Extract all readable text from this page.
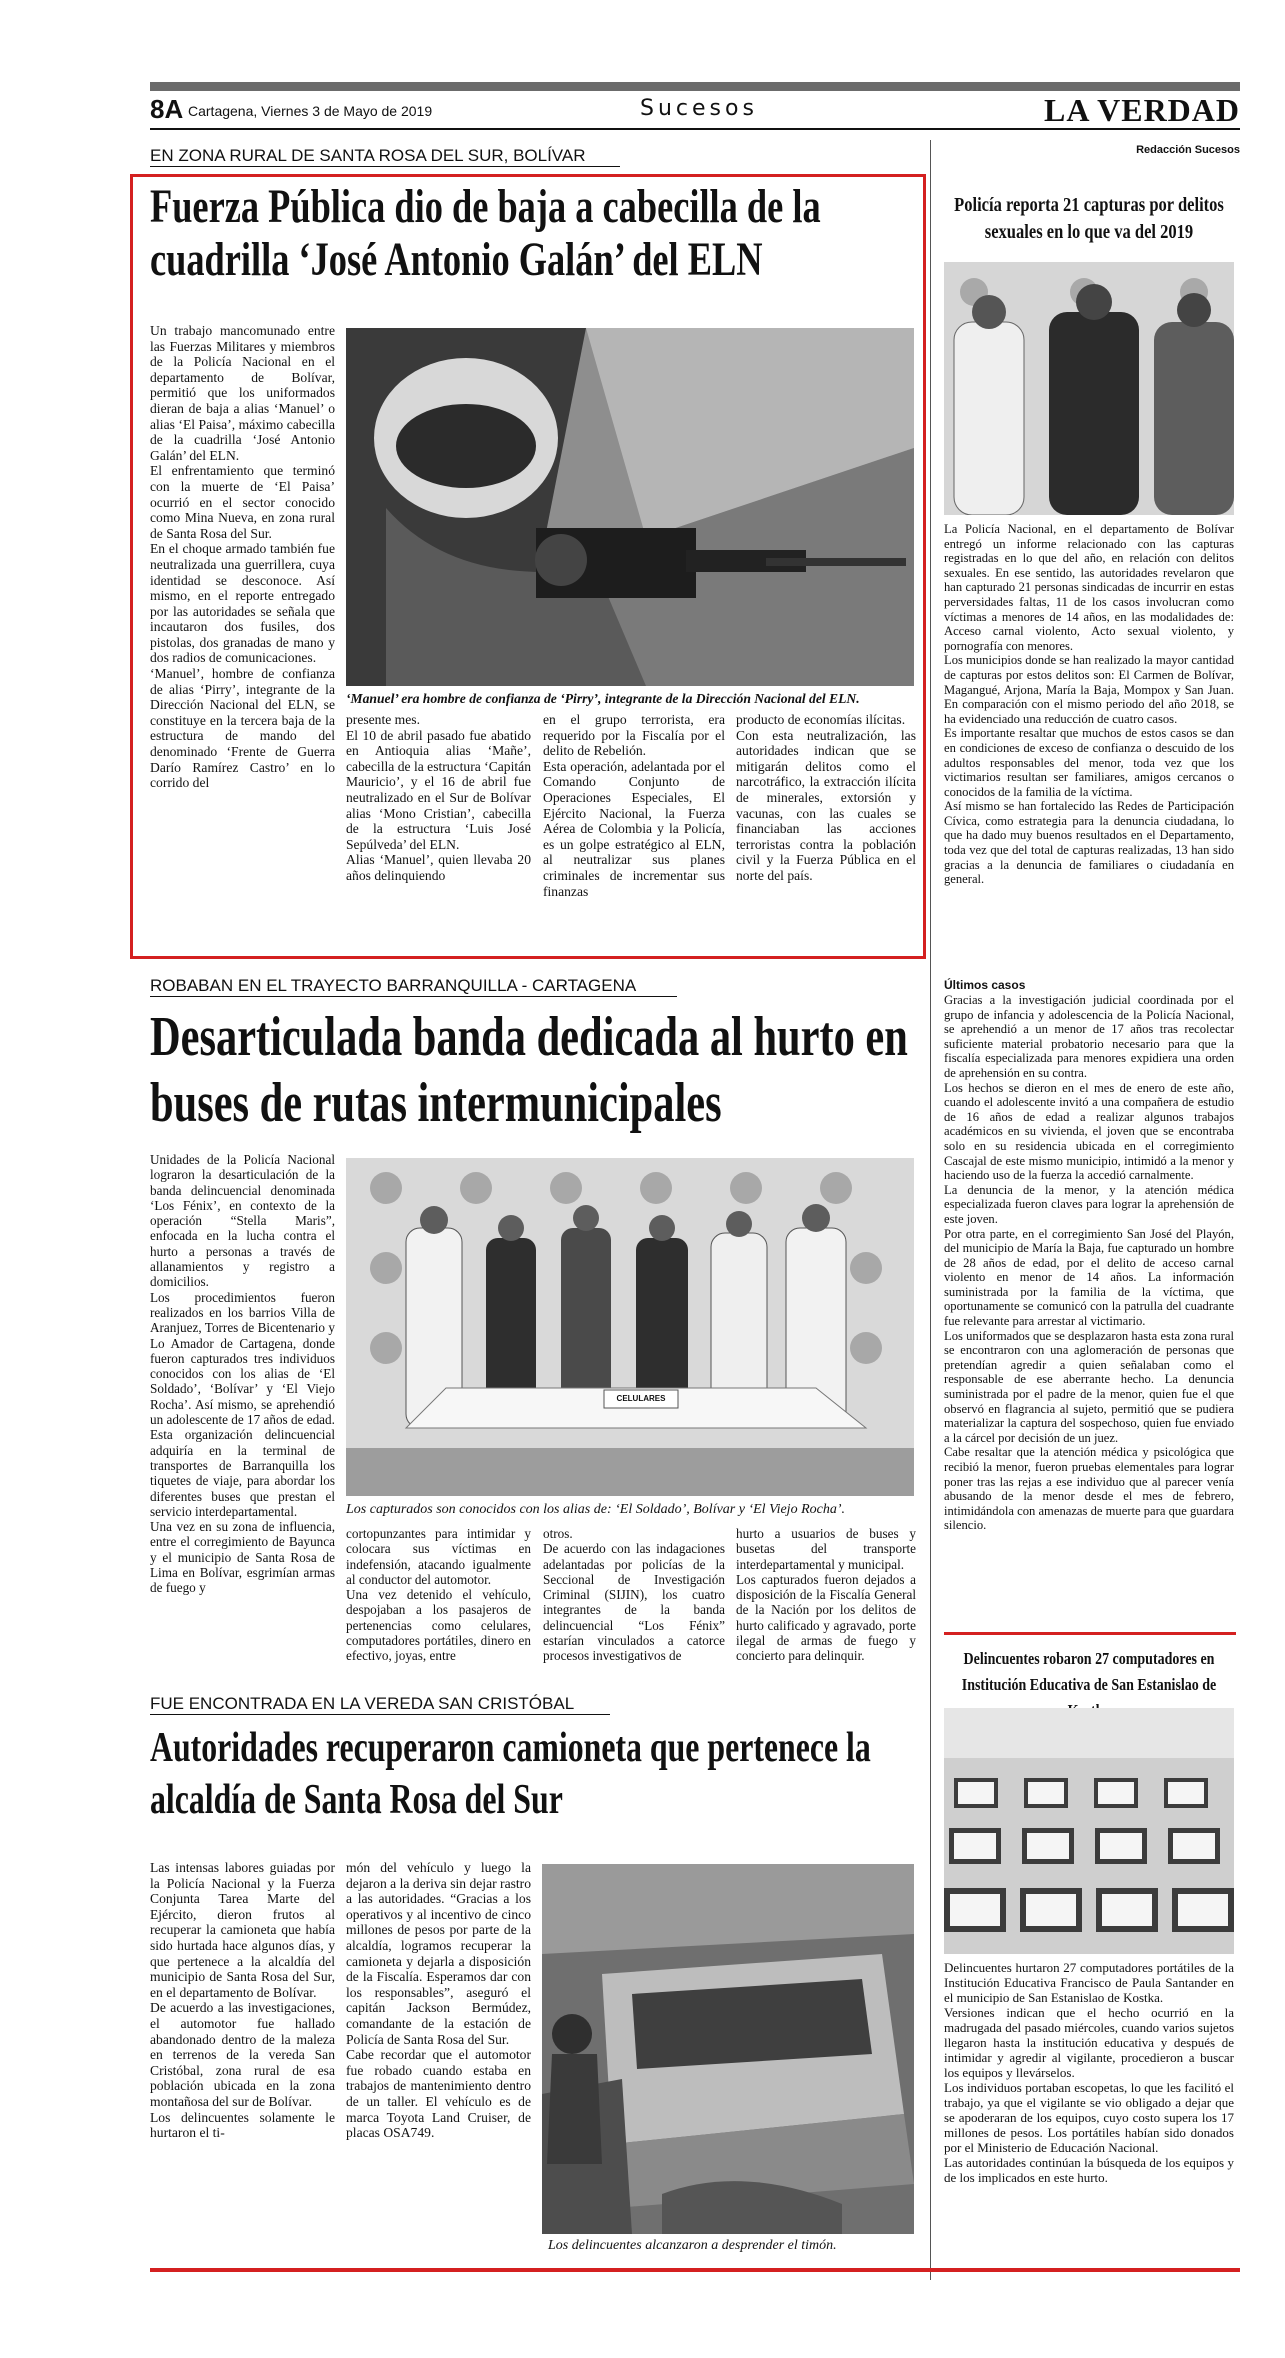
8A Cartagena, Viernes 3 de Mayo de 2019	Sucesos	LA VERDAD
Redacción Sucesos
EN ZONA RURAL DE SANTA ROSA DEL SUR, BOLÍVAR
Fuerza Pública dio de baja a cabecilla de la cuadrilla ‘José Antonio Galán’ del ELN

Un trabajo mancomunado entre las Fuerzas Militares y miembros de la Policía Nacional en el departamento de Bolívar, permitió que los uniformados dieran de baja a alias ‘Manuel’ o alias ‘El Paisa’, máximo cabecilla de la cuadrilla ‘José Antonio Galán’ del ELN.

El enfrentamiento que terminó con la muerte de ‘El Paisa’ ocurrió en el sector conocido como Mina Nueva, en zona rural de Santa Rosa del Sur.

En el choque armado también fue neutralizada una guerrillera, cuya identidad se desconoce. Así mismo, en el reporte entregado por las autoridades se señala que incautaron dos fusiles, dos pistolas, dos granadas de mano y dos radios de comunicaciones.

‘Manuel’, hombre de confianza de alias ‘Pirry’, integrante de la Dirección Nacional del ELN, se constituye en la tercera baja de la estructura de mando del denominado ‘Frente de Guerra Darío Ramírez Castro’ en lo corrido del

‘Manuel’ era hombre de confianza de ‘Pirry’, integrante de la Dirección Nacional del ELN.

presente mes.

El 10 de abril pasado fue abatido en Antioquia alias ‘Mañe’, cabecilla de la estructura ‘Capitán Mauricio’, y el 16 de abril fue neutralizado en el Sur de Bolívar alias ‘Mono Cristian’, cabecilla de la estructura ‘Luis José Sepúlveda’ del ELN.

Alias ‘Manuel’, quien llevaba 20 años delinquiendo

en el grupo terrorista, era requerido por la Fiscalía por el delito de Rebelión.

Esta operación, adelantada por el Comando Conjunto de Operaciones Especiales, El Ejército Nacional, la Fuerza Aérea de Colombia y la Policía, es un golpe estratégico al ELN, al neutralizar sus planes criminales de incrementar sus finanzas

producto de economías ilícitas.

Con esta neutralización, las autoridades indican que se mitigarán delitos como el narcotráfico, la extracción ilícita de minerales, extorsión y vacunas, con las cuales se financiaban las acciones terroristas contra la población civil y la Fuerza Pública en el norte del país.

ROBABAN EN EL TRAYECTO BARRANQUILLA - CARTAGENA
Desarticulada banda dedicada al hurto en buses de rutas intermunicipales

Unidades de la Policía Nacional lograron la desarticulación de la banda delincuencial denominada ‘Los Fénix’, en contexto de la operación “Stella Maris”, enfocada en la lucha contra el hurto a personas a través de allanamientos y registro a domicilios.

Los procedimientos fueron realizados en los barrios Villa de Aranjuez, Torres de Bicentenario y Lo Amador de Cartagena, donde fueron capturados tres individuos conocidos con los alias de ‘El Soldado’, ‘Bolívar’ y ‘El Viejo Rocha’. Así mismo, se aprehendió un adolescente de 17 años de edad.

Esta organización delincuencial adquiría en la terminal de transportes de Barranquilla los tiquetes de viaje, para abordar los diferentes buses que prestan el servicio interdepartamental.

Una vez en su zona de influencia, entre el corregimiento de Bayunca y el municipio de Santa Rosa de Lima en Bolívar, esgrimían armas de fuego y

CELULARES
Los capturados son conocidos con los alias de: ‘El Soldado’, Bolívar y ‘El Viejo Rocha’.

cortopunzantes para intimidar y colocara sus víctimas en indefensión, atacando igualmente al conductor del automotor.

Una vez detenido el vehículo, despojaban a los pasajeros de pertenencias como celulares, computadores portátiles, dinero en efectivo, joyas, entre

otros.

De acuerdo con las indagaciones adelantadas por policías de la Seccional de Investigación Criminal (SIJIN), los cuatro integrantes de la banda delincuencial “Los Fénix” estarían vinculados a catorce procesos investigativos de

hurto a usuarios de buses y busetas del transporte interdepartamental y municipal.

Los capturados fueron dejados a disposición de la Fiscalía General de la Nación por los delitos de hurto calificado y agravado, porte ilegal de armas de fuego y concierto para delinquir.

FUE ENCONTRADA EN LA VEREDA SAN CRISTÓBAL
Autoridades recuperaron camioneta que pertenece la alcaldía de Santa Rosa del Sur

Las intensas labores guiadas por la Policía Nacional y la Fuerza Conjunta Tarea Marte del Ejército, dieron frutos al recuperar la camioneta que había sido hurtada hace algunos días, y que pertenece a la alcaldía del municipio de Santa Rosa del Sur, en el departamento de Bolívar.

De acuerdo a las investigaciones, el automotor fue hallado abandonado dentro de la maleza en terrenos de la vereda San Cristóbal, zona rural de esa población ubicada en la zona montañosa del sur de Bolívar.

Los delincuentes solamente le hurtaron el ti-

món del vehículo y luego la dejaron a la deriva sin dejar rastro a las autoridades. “Gracias a los operativos y al incentivo de cinco millones de pesos por parte de la alcaldía, logramos recuperar la camioneta y dejarla a disposición de la Fiscalía. Esperamos dar con los responsables”, aseguró el capitán Jackson Bermúdez, comandante de la estación de Policía de Santa Rosa del Sur.

Cabe recordar que el automotor fue robado cuando estaba en trabajos de mantenimiento dentro de un taller. El vehículo es de marca Toyota Land Cruiser, de placas OSA749.

Los delincuentes alcanzaron a desprender el timón.
Policía reporta 21 capturas por delitos sexuales en lo que va del 2019

La Policía Nacional, en el departamento de Bolívar entregó un informe relacionado con las capturas registradas en lo que del año, en relación con delitos sexuales. En ese sentido, las autoridades revelaron que han capturado 21 personas sindicadas de incurrir en estas perversidades faltas, 11 de los casos involucran como víctimas a menores de 14 años, en las modalidades de: Acceso carnal violento, Acto sexual violento, y pornografía con menores.

Los municipios donde se han realizado la mayor cantidad de capturas por estos delitos son: El Carmen de Bolívar, Magangué, Arjona, María la Baja, Mompox y San Juan. En comparación con el mismo periodo del año 2018, se ha evidenciado una reducción de cuatro casos.

Es importante resaltar que muchos de estos casos se dan en condiciones de exceso de confianza o descuido de los adultos responsables del menor, toda vez que los victimarios resultan ser familiares, amigos cercanos o conocidos de la familia de la víctima.

Así mismo se han fortalecido las Redes de Participación Cívica, como estrategia para la denuncia ciudadana, lo que ha dado muy buenos resultados en el Departamento, toda vez que del total de capturas realizadas, 13 han sido gracias a la denuncia de familiares o ciudadanía en general.

Últimos casos

Gracias a la investigación judicial coordinada por el grupo de infancia y adolescencia de la Policía Nacional, se aprehendió a un menor de 17 años tras recolectar suficiente material probatorio necesario para que la fiscalía especializada para menores expidiera una orden de aprehensión en su contra.

Los hechos se dieron en el mes de enero de este año, cuando el adolescente invitó a una compañera de estudio de 16 años de edad a realizar algunos trabajos académicos en su vivienda, el joven que se encontraba solo en su residencia ubicada en el corregimiento Cascajal de este mismo municipio, intimidó a la menor y haciendo uso de la fuerza la accedió carnalmente.

La denuncia de la menor, y la atención médica especializada fueron claves para lograr la aprehensión de este joven.

Por otra parte, en el corregimiento San José del Playón, del municipio de María la Baja, fue capturado un hombre de 28 años de edad, por el delito de acceso carnal violento en menor de 14 años. La información suministrada por la familia de la víctima, que oportunamente se comunicó con la patrulla del cuadrante fue relevante para arrestar al victimario.

Los uniformados que se desplazaron hasta esta zona rural se encontraron con una aglomeración de personas que pretendían agredir a quien señalaban como el responsable de ese aberrante hecho. La denuncia suministrada por el padre de la menor, quien fue el que observó en flagrancia al sujeto, permitió que se pudiera materializar la captura del sospechoso, quien fue enviado a la cárcel por decisión de un juez.

Cabe resaltar que la atención médica y psicológica que recibió la menor, fueron pruebas elementales para lograr poner tras las rejas a ese individuo que al parecer venía abusando de la menor desde el mes de febrero, intimidándola con amenazas de muerte para que guardara silencio.

Delincuentes robaron 27 computadores en Institución Educativa de San Estanislao de

Delincuentes hurtaron 27 computadores portátiles de la Institución Educativa Francisco de Paula Santander en el municipio de San Estanislao de Kostka.

Versiones indican que el hecho ocurrió en la madrugada del pasado miércoles, cuando varios sujetos llegaron hasta la institución educativa y después de intimidar y agredir al vigilante, procedieron a buscar los equipos y llevárselos.

Los individuos portaban escopetas, lo que les facilitó el trabajo, ya que el vigilante se vio obligado a dejar que se apoderaran de los equipos, cuyo costo supera los 17 millones de pesos. Los portátiles habían sido donados por el Ministerio de Educación Nacional.

Las autoridades continúan la búsqueda de los equipos y de los implicados en este hurto.
